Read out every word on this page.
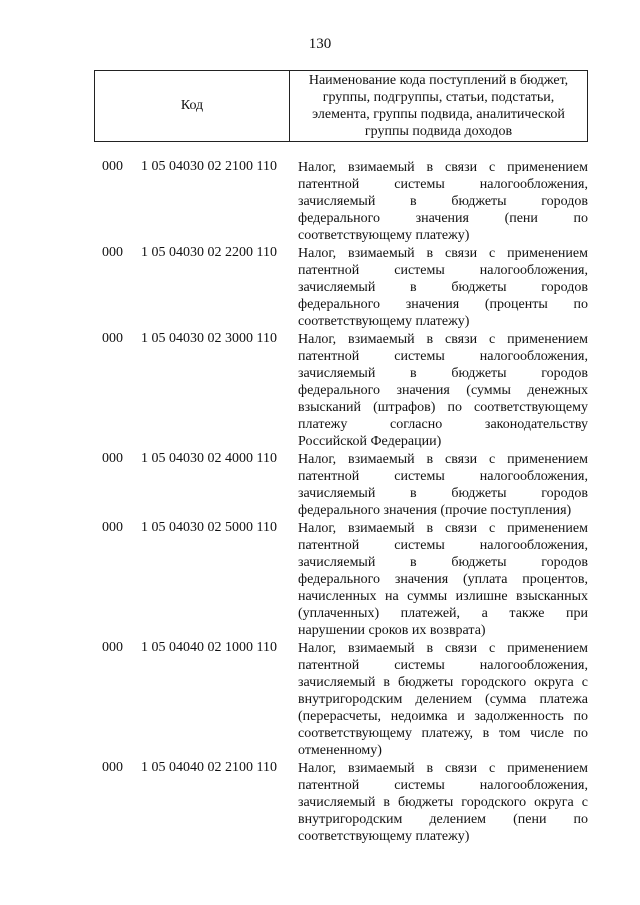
130
Код	Наименование кода поступлений в бюджет, группы, подгруппы, статьи, подстатьи, элемента, группы подвида, аналитической группы подвида доходов
000 1 05 04030 02 2100 110 Налог, взимаемый в связи с применением
патентной системы налогообложения,
зачисляемый в бюджеты городов
федерального значения (пени по
соответствующему платежу)
000 1 05 04030 02 2200 110 Налог, взимаемый в связи с применением
патентной системы налогообложения,
зачисляемый в бюджеты городов
федерального значения (проценты по
соответствующему платежу)
000 1 05 04030 02 3000 110 Налог, взимаемый в связи с применением
патентной системы налогообложения,
зачисляемый в бюджеты городов
федерального значения (суммы денежных
взысканий (штрафов) по соответствующему
платежу согласно законодательству
Российской Федерации)
000 1 05 04030 02 4000 110 Налог, взимаемый в связи с применением
патентной системы налогообложения,
зачисляемый в бюджеты городов
федерального значения (прочие поступления)
000 1 05 04030 02 5000 110 Налог, взимаемый в связи с применением
патентной системы налогообложения,
зачисляемый в бюджеты городов
федерального значения (уплата процентов,
начисленных на суммы излишне взысканных
(уплаченных) платежей, а также при
нарушении сроков их возврата)
000 1 05 04040 02 1000 110 Налог, взимаемый в связи с применением
патентной системы налогообложения,
зачисляемый в бюджеты городского округа с
внутригородским делением (сумма платежа
(перерасчеты, недоимка и задолженность по
соответствующему платежу, в том числе по
отмененному)
000 1 05 04040 02 2100 110 Налог, взимаемый в связи с применением
патентной системы налогообложения,
зачисляемый в бюджеты городского округа с
внутригородским делением (пени по
соответствующему платежу)
